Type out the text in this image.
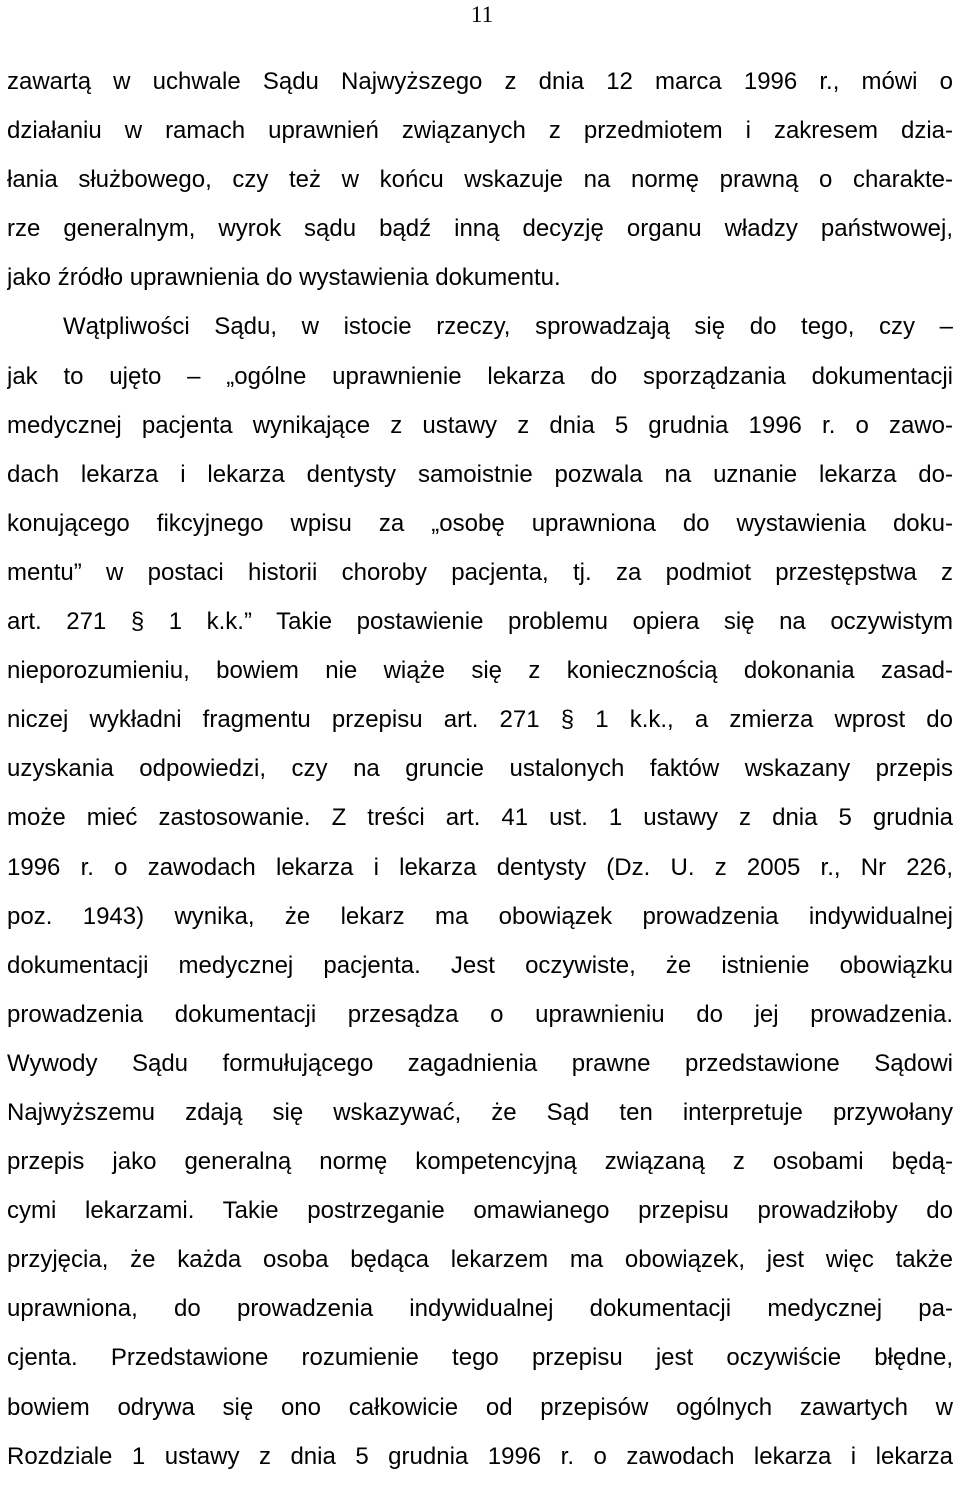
11
zawartą w uchwale Sądu Najwyższego z dnia 12 marca 1996 r., mówi o
działaniu w ramach uprawnień związanych z przedmiotem i zakresem dzia-
łania służbowego, czy też w końcu wskazuje na normę prawną o charakte-
rze generalnym, wyrok sądu bądź inną decyzję organu władzy państwowej,
jako źródło uprawnienia do wystawienia dokumentu.
Wątpliwości Sądu, w istocie rzeczy, sprowadzają się do tego, czy –
jak to ujęto – „ogólne uprawnienie lekarza do sporządzania dokumentacji
medycznej pacjenta wynikające z ustawy z dnia 5 grudnia 1996 r. o zawo-
dach lekarza i lekarza dentysty samoistnie pozwala na uznanie lekarza do-
konującego fikcyjnego wpisu za „osobę uprawniona do wystawienia doku-
mentu” w postaci historii choroby pacjenta, tj. za podmiot przestępstwa z
art. 271 § 1 k.k.” Takie postawienie problemu opiera się na oczywistym
nieporozumieniu, bowiem nie wiąże się z koniecznością dokonania zasad-
niczej wykładni fragmentu przepisu art. 271 § 1 k.k., a zmierza wprost do
uzyskania odpowiedzi, czy na gruncie ustalonych faktów wskazany przepis
może mieć zastosowanie. Z treści art. 41 ust. 1 ustawy z dnia 5 grudnia
1996 r. o zawodach lekarza i lekarza dentysty (Dz. U. z 2005 r., Nr 226,
poz. 1943) wynika, że lekarz ma obowiązek prowadzenia indywidualnej
dokumentacji medycznej pacjenta. Jest oczywiste, że istnienie obowiązku
prowadzenia dokumentacji przesądza o uprawnieniu do jej prowadzenia.
Wywody Sądu formułującego zagadnienia prawne przedstawione Sądowi
Najwyższemu zdają się wskazywać, że Sąd ten interpretuje przywołany
przepis jako generalną normę kompetencyjną związaną z osobami będą-
cymi lekarzami. Takie postrzeganie omawianego przepisu prowadziłoby do
przyjęcia, że każda osoba będąca lekarzem ma obowiązek, jest więc także
uprawniona, do prowadzenia indywidualnej dokumentacji medycznej pa-
cjenta. Przedstawione rozumienie tego przepisu jest oczywiście błędne,
bowiem odrywa się ono całkowicie od przepisów ogólnych zawartych w
Rozdziale 1 ustawy z dnia 5 grudnia 1996 r. o zawodach lekarza i lekarza
